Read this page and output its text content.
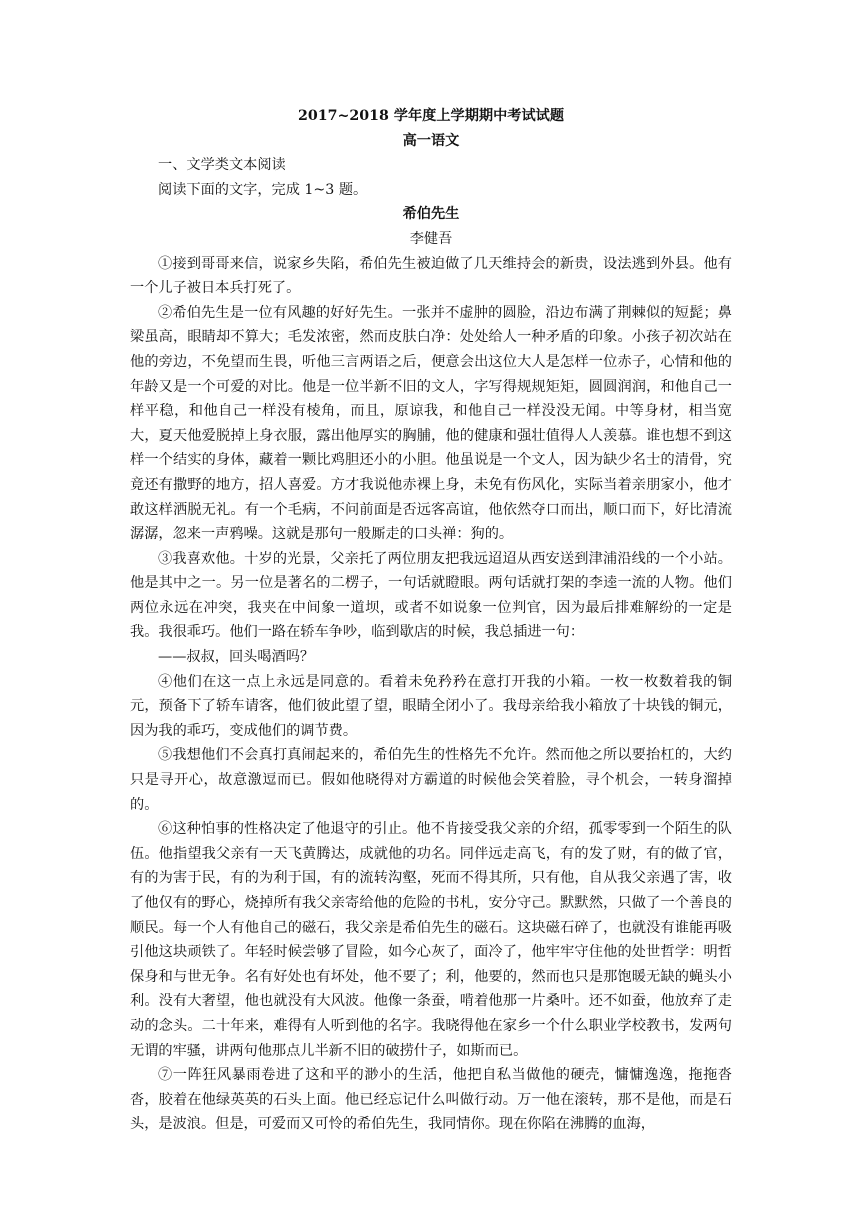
2017~2018 学年度上学期期中考试试题

高一语文

一、文学类文本阅读

阅读下面的文字，完成 1~3 题。

希伯先生

李健吾

①接到哥哥来信，说家乡失陷，希伯先生被迫做了几天维持会的新贵，设法逃到外县。他有一个儿子被日本兵打死了。

②希伯先生是一位有风趣的好好先生。一张并不虚肿的圆脸，沿边布满了荆棘似的短髭；鼻梁虽高，眼睛却不算大；毛发浓密，然而皮肤白净：处处给人一种矛盾的印象。小孩子初次站在他的旁边，不免望而生畏，听他三言两语之后，便意会出这位大人是怎样一位赤子，心情和他的年龄又是一个可爱的对比。他是一位半新不旧的文人，字写得规规矩矩，圆圆润润，和他自己一样平稳，和他自己一样没有棱角，而且，原谅我，和他自己一样没没无闻。中等身材，相当宽大，夏天他爱脱掉上身衣服，露出他厚实的胸脯，他的健康和强壮值得人人羡慕。谁也想不到这样一个结实的身体，藏着一颗比鸡胆还小的小胆。他虽说是一个文人，因为缺少名士的清骨，究竟还有撒野的地方，招人喜爱。方才我说他赤裸上身，未免有伤风化，实际当着亲朋家小，他才敢这样洒脱无礼。有一个毛病，不问前面是否远客高谊，他依然夺口而出，顺口而下，好比清流潺潺，忽来一声鸦噪。这就是那句一般厮走的口头禅：狗的。

③我喜欢他。十岁的光景，父亲托了两位朋友把我远迢迢从西安送到津浦沿线的一个小站。他是其中之一。另一位是著名的二楞子，一句话就瞪眼。两句话就打架的李逵一流的人物。他们两位永远在冲突，我夹在中间象一道坝，或者不如说象一位判官，因为最后排难解纷的一定是我。我很乖巧。他们一路在轿车争吵，临到歇店的时候，我总插进一句：

——叔叔，回头喝酒吗？

④他们在这一点上永远是同意的。看着未免矜矜在意打开我的小箱。一枚一枚数着我的铜元，预备下了轿车请客，他们彼此望了望，眼睛全闭小了。我母亲给我小箱放了十块钱的铜元，因为我的乖巧，变成他们的调节费。

⑤我想他们不会真打真闹起来的，希伯先生的性格先不允许。然而他之所以要抬杠的，大约只是寻开心，故意激逗而已。假如他晓得对方霸道的时候他会笑着脸，寻个机会，一转身溜掉的。

⑥这种怕事的性格决定了他退守的引止。他不肯接受我父亲的介绍，孤零零到一个陌生的队伍。他指望我父亲有一天飞黄腾达，成就他的功名。同伴远走高飞，有的发了财，有的做了官，有的为害于民，有的为利于国，有的流转沟壑，死而不得其所，只有他，自从我父亲遇了害，收了他仅有的野心，烧掉所有我父亲寄给他的危险的书札，安分守己。默默然，只做了一个善良的顺民。每一个人有他自己的磁石，我父亲是希伯先生的磁石。这块磁石碎了，也就没有谁能再吸引他这块顽铁了。年轻时候尝够了冒险，如今心灰了，面冷了，他牢牢守住他的处世哲学：明哲保身和与世无争。名有好处也有坏处，他不要了；利，他要的，然而也只是那饱暖无缺的蝇头小利。没有大奢望，他也就没有大风波。他像一条蚕，啃着他那一片桑叶。还不如蚕，他放弃了走动的念头。二十年来，难得有人听到他的名字。我晓得他在家乡一个什么职业学校教书，发两句无谓的牢骚，讲两句他那点儿半新不旧的破捞什子，如斯而已。

⑦一阵狂风暴雨卷进了这和平的渺小的生活，他把自私当做他的硬壳，慵慵逸逸，拖拖沓沓，胶着在他绿英英的石头上面。他已经忘记什么叫做行动。万一他在滚转，那不是他，而是石头，是波浪。但是，可爱而又可怜的希伯先生，我同情你。现在你陷在沸腾的血海，
